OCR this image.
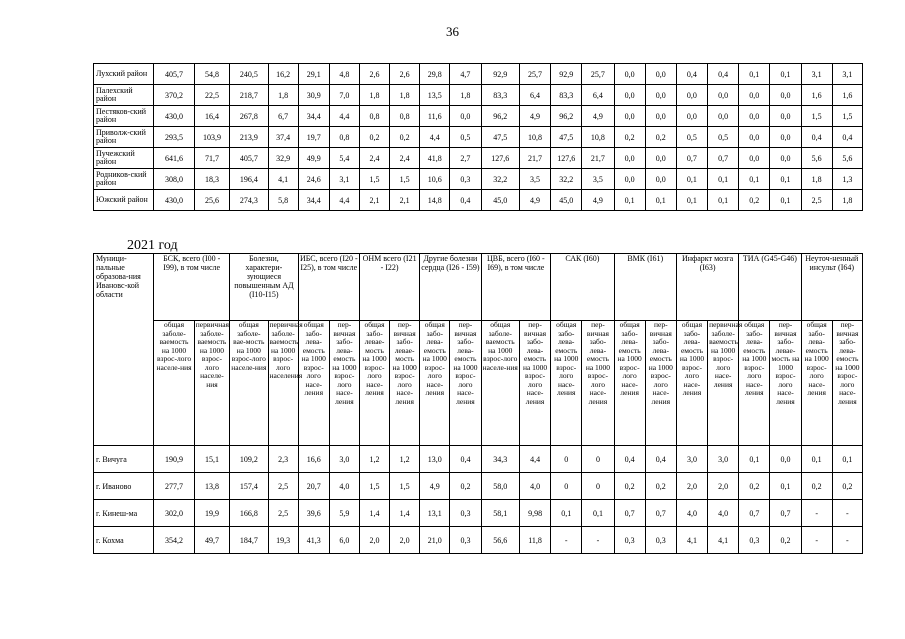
36
Лухский район	405,7	54,8	240,5	16,2	29,1	4,8	2,6	2,6	29,8	4,7	92,9	25,7	92,9	25,7	0,0	0,0	0,4	0,4	0,1	0,1	3,1	3,1
Палехский район	370,2	22,5	218,7	1,8	30,9	7,0	1,8	1,8	13,5	1,8	83,3	6,4	83,3	6,4	0,0	0,0	0,0	0,0	0,0	0,0	1,6	1,6
Пестяков-ский район	430,0	16,4	267,8	6,7	34,4	4,4	0,8	0,8	11,6	0,0	96,2	4,9	96,2	4,9	0,0	0,0	0,0	0,0	0,0	0,0	1,5	1,5
Приволж-ский район	293,5	103,9	213,9	37,4	19,7	0,8	0,2	0,2	4,4	0,5	47,5	10,8	47,5	10,8	0,2	0,2	0,5	0,5	0,0	0,0	0,4	0,4
Пучежский район	641,6	71,7	405,7	32,9	49,9	5,4	2,4	2,4	41,8	2,7	127,6	21,7	127,6	21,7	0,0	0,0	0,7	0,7	0,0	0,0	5,6	5,6
Родников-ский район	308,0	18,3	196,4	4,1	24,6	3,1	1,5	1,5	10,6	0,3	32,2	3,5	32,2	3,5	0,0	0,0	0,1	0,1	0,1	0,1	1,8	1,3
Южский район	430,0	25,6	274,3	5,8	34,4	4,4	2,1	2,1	14,8	0,4	45,0	4,9	45,0	4,9	0,1	0,1	0,1	0,1	0,2	0,1	2,5	1,8
2021 год
Муници-пальные образова-ния Ивановс-кой области	БСК, всего (I00 - I99), в том числе		Болезни, характери-зующиеся повышенным АД (I10-I15)		ИБС, всего (I20 - I25), в том числе		ОНМ всего (I21 - I22)		Другие болезни сердца (I26 - I59)		ЦВБ, всего (I60 - I69), в том числе		САК (I60)		ВМК (I61)		Инфаркт мозга (I63)		ТИА (G45-G46)		Неуточ-ненный инсульт (I64)	
	общая заболе-ваемость на 1000 взрос-лого населе-ния	первичная заболе-ваемость на 1000 взрос-лого населе-ния	общая заболе-вае-мость на 1000 взрос-лого населе-ния	первичная заболе-ваемость на 1000 взрос-лого населения	общая забо-лева-емость на 1000 взрос-лого насе-ления	пер-вичная забо-лева-емость на 1000 взрос-лого насе-ления	общая забо-левае-мость на 1000 взрос-лого насе-ления	пер-вичная забо-левае-мость на 1000 взрос-лого насе-ления	общая забо-лева-емость на 1000 взрос-лого насе-ления	пер-вичная забо-лева-емость на 1000 взрос-лого насе-ления	общая заболе-ваемость на 1000 взрос-лого населе-ния	пер-вичная забо-лева-емость на 1000 взрос-лого насе-ления	общая забо-лева-емость на 1000 взрос-лого насе-ления	пер-вичная забо-лева-емость на 1000 взрос-лого насе-ления	общая забо-лева-емость на 1000 взрос-лого насе-ления	пер-вичная забо-лева-емость на 1000 взрос-лого насе-ления	общая забо-лева-емость на 1000 взрос-лого насе-ления	первичная заболе-ваемость на 1000 взрос-лого насе-ления	общая забо-лева-емость на 1000 взрос-лого насе-ления	пер-вичная забо-левае-мость на 1000 взрос-лого насе-ления	общая забо-лева-емость на 1000 взрос-лого насе-ления	пер-вичная забо-лева-емость на 1000 взрос-лого насе-ления
г. Вичуга	190,9	15,1	109,2	2,3	16,6	3,0	1,2	1,2	13,0	0,4	34,3	4,4	0	0	0,4	0,4	3,0	3,0	0,1	0,0	0,1	0,1
г. Иваново	277,7	13,8	157,4	2,5	20,7	4,0	1,5	1,5	4,9	0,2	58,0	4,0	0	0	0,2	0,2	2,0	2,0	0,2	0,1	0,2	0,2
г. Кинеш-ма	302,0	19,9	166,8	2,5	39,6	5,9	1,4	1,4	13,1	0,3	58,1	9,98	0,1	0,1	0,7	0,7	4,0	4,0	0,7	0,7	-	-
г. Кохма	354,2	49,7	184,7	19,3	41,3	6,0	2,0	2,0	21,0	0,3	56,6	11,8	-	-	0,3	0,3	4,1	4,1	0,3	0,2	-	-
